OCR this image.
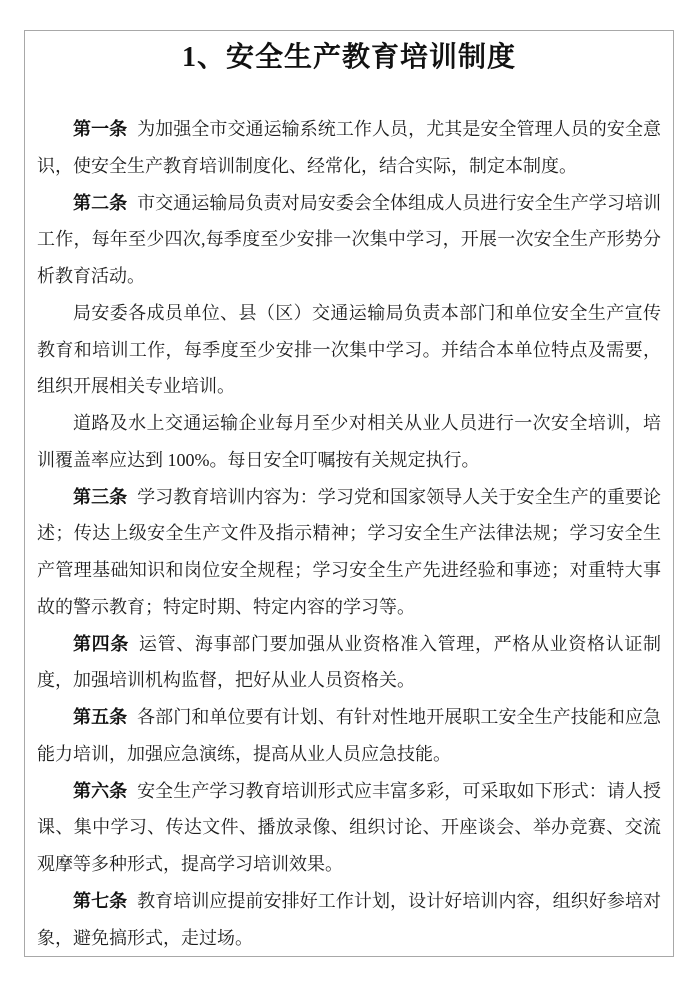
1、安全生产教育培训制度

第一条 为加强全市交通运输系统工作人员，尤其是安全管理人员的安全意识，使安全生产教育培训制度化、经常化，结合实际，制定本制度。

第二条 市交通运输局负责对局安委会全体组成人员进行安全生产学习培训工作，每年至少四次,每季度至少安排一次集中学习，开展一次安全生产形势分析教育活动。

局安委各成员单位、县（区）交通运输局负责本部门和单位安全生产宣传教育和培训工作，每季度至少安排一次集中学习。并结合本单位特点及需要，组织开展相关专业培训。

道路及水上交通运输企业每月至少对相关从业人员进行一次安全培训，培训覆盖率应达到 100%。每日安全叮嘱按有关规定执行。

第三条 学习教育培训内容为：学习党和国家领导人关于安全生产的重要论述；传达上级安全生产文件及指示精神；学习安全生产法律法规；学习安全生产管理基础知识和岗位安全规程；学习安全生产先进经验和事迹；对重特大事故的警示教育；特定时期、特定内容的学习等。

第四条 运管、海事部门要加强从业资格准入管理，严格从业资格认证制度，加强培训机构监督，把好从业人员资格关。

第五条 各部门和单位要有计划、有针对性地开展职工安全生产技能和应急能力培训，加强应急演练，提高从业人员应急技能。

第六条 安全生产学习教育培训形式应丰富多彩，可采取如下形式：请人授课、集中学习、传达文件、播放录像、组织讨论、开座谈会、举办竞赛、交流观摩等多种形式，提高学习培训效果。

第七条 教育培训应提前安排好工作计划，设计好培训内容，组织好参培对象，避免搞形式，走过场。
